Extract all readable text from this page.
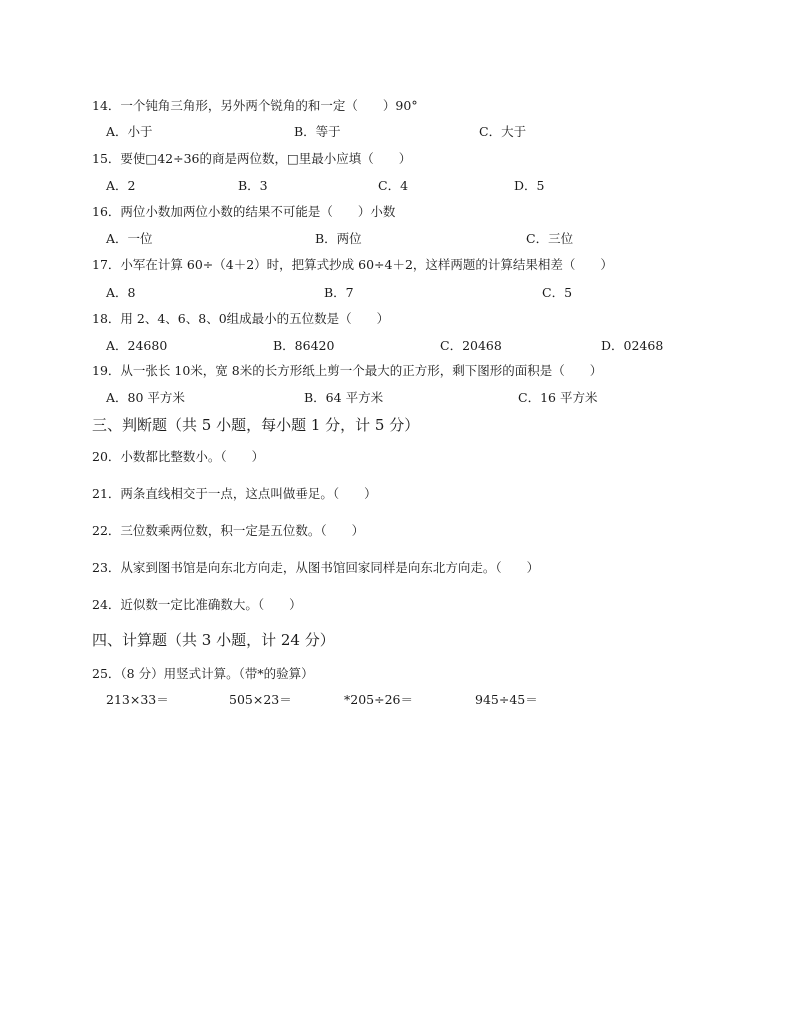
14．一个钝角三角形，另外两个锐角的和一定（　　）90°
A．小于	B．等于	C．大于
15．要使□42÷36的商是两位数，□里最小应填（　　）
A．2	B．3	C．4	D．5
16．两位小数加两位小数的结果不可能是（　　）小数
A．一位	B．两位	C．三位
17．小军在计算 60÷（4＋2）时，把算式抄成 60÷4＋2，这样两题的计算结果相差（　　）
A．8	B．7	C．5
18．用 2、4、6、8、0组成最小的五位数是（　　）
A．24680	B．86420	C．20468	D．02468
19．从一张长 10米，宽 8米的长方形纸上剪一个最大的正方形，剩下图形的面积是（　　）
A．80 平方米	B．64 平方米	C．16 平方米
三、判断题（共 5 小题，每小题 1 分，计 5 分）
20．小数都比整数小。（　　）
21．两条直线相交于一点，这点叫做垂足。（　　）
22．三位数乘两位数，积一定是五位数。（　　）
23．从家到图书馆是向东北方向走，从图书馆回家同样是向东北方向走。（　　）
24．近似数一定比准确数大。（　　）
四、计算题（共 3 小题，计 24 分）
25．（8 分）用竖式计算。（带*的验算）
213×33＝	505×23＝	*205÷26＝	945÷45＝
